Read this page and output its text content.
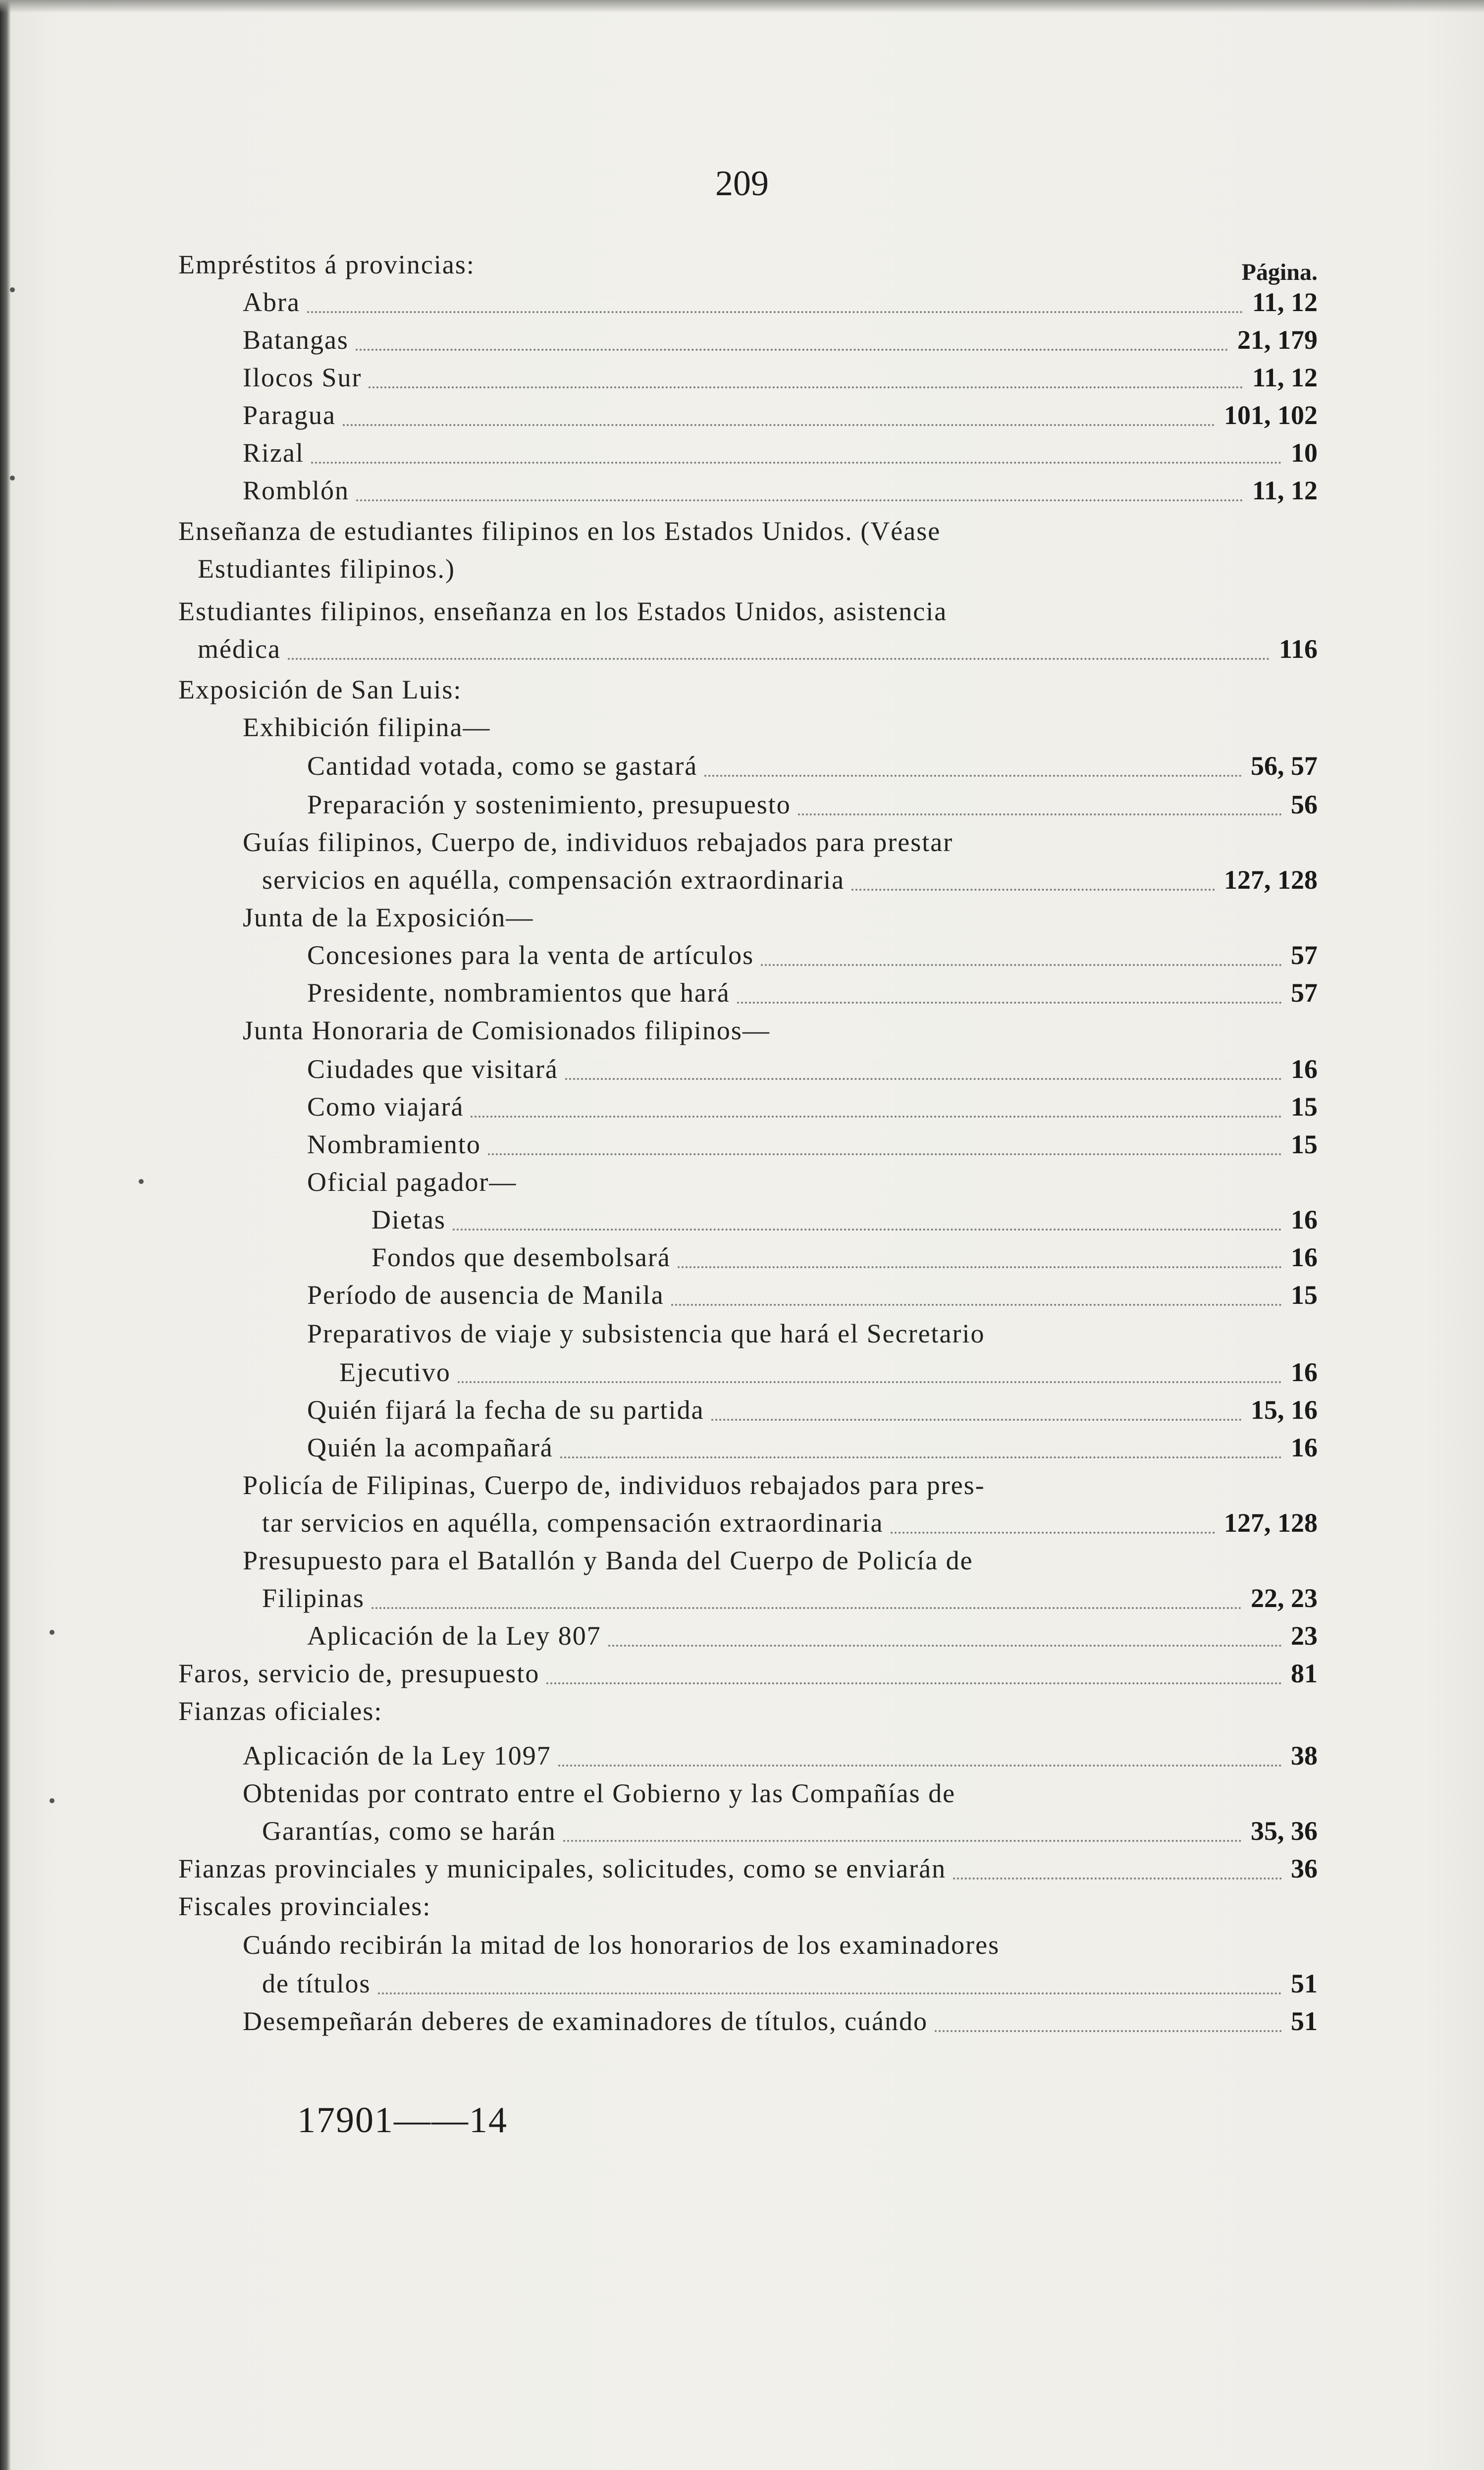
209
Empréstitos á provincias:
Abra	11, 12
Batangas	21, 179
Ilocos Sur	11, 12
Paragua	101, 102
Rizal	10
Romblón	11, 12
Enseñanza de estudiantes filipinos en los Estados Unidos. (Véase
Estudiantes filipinos.)
Estudiantes filipinos, enseñanza en los Estados Unidos, asistencia
médica	116
Exposición de San Luis:
Exhibición filipina—
Cantidad votada, como se gastará	56, 57
Preparación y sostenimiento, presupuesto	56
Guías filipinos, Cuerpo de, individuos rebajados para prestar
servicios en aquélla, compensación extraordinaria	127, 128
Junta de la Exposición—
Concesiones para la venta de artículos	57
Presidente, nombramientos que hará	57
Junta Honoraria de Comisionados filipinos—
Ciudades que visitará	16
Como viajará	15
Nombramiento	15
Oficial pagador—
Dietas	16
Fondos que desembolsará	16
Período de ausencia de Manila	15
Preparativos de viaje y subsistencia que hará el Secretario
Ejecutivo	16
Quién fijará la fecha de su partida	15, 16
Quién la acompañará	16
Policía de Filipinas, Cuerpo de, individuos rebajados para pres-
tar servicios en aquélla, compensación extraordinaria	127, 128
Presupuesto para el Batallón y Banda del Cuerpo de Policía de
Filipinas	22, 23
Aplicación de la Ley 807	23
Faros, servicio de, presupuesto	81
Fianzas oficiales:
Aplicación de la Ley 1097	38
Obtenidas por contrato entre el Gobierno y las Compañías de
Garantías, como se harán	35, 36
Fianzas provinciales y municipales, solicitudes, como se enviarán	36
Fiscales provinciales:
Cuándo recibirán la mitad de los honorarios de los examinadores
de títulos	51
Desempeñarán deberes de examinadores de títulos, cuándo	51
Página.
17901——14
